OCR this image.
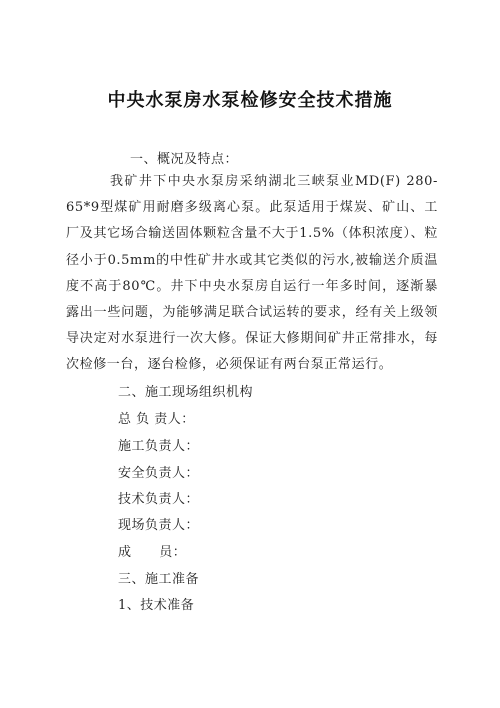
中央水泵房水泵检修安全技术措施
一、概况及特点：
我矿井下中央水泵房采纳湖北三峡泵业MD(F) 280-65*9型煤矿用耐磨多级离心泵。此泵适用于煤炭、矿山、工厂及其它场合输送固体颗粒含量不大于1.5%（体积浓度）、粒径小于0.5mm的中性矿井水或其它类似的污水,被输送介质温度不高于80℃。井下中央水泵房自运行一年多时间，逐渐暴露出一些问题，为能够满足联合试运转的要求，经有关上级领导决定对水泵进行一次大修。保证大修期间矿井正常排水，每次检修一台，逐台检修，必须保证有两台泵正常运行。
二、施工现场组织机构
总 负 责人：
施工负责人：
安全负责人：
技术负责人：
现场负责人：
成      员：
三、施工准备
1、技术准备
